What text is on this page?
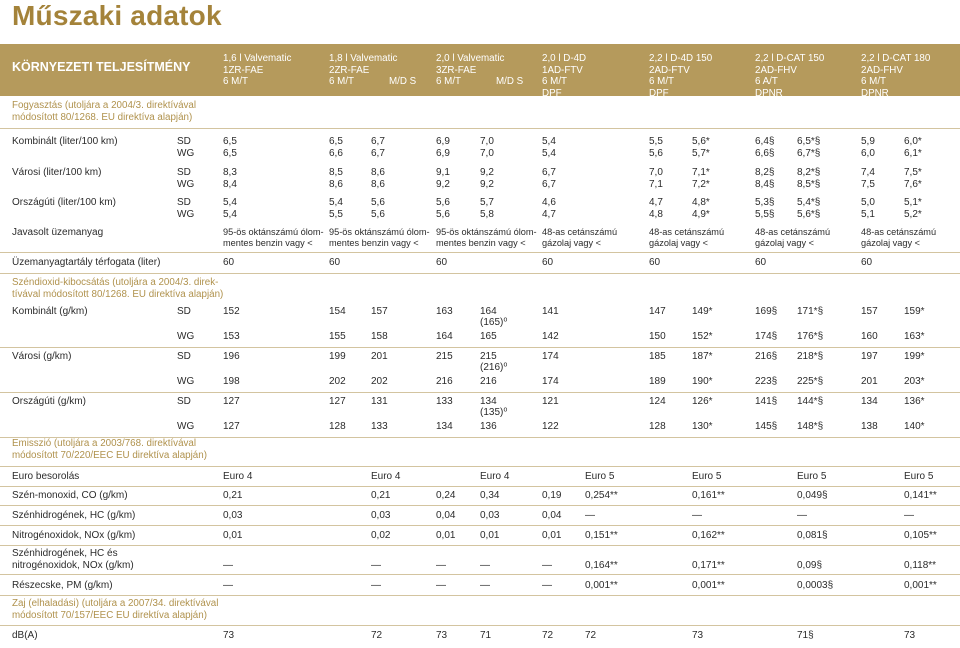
Műszaki adatok
KÖRNYEZETI TELJESÍTMÉNY
1,6 l Valvematic
1ZR-FAE
6 M/T
1,8 l Valvematic
2ZR-FAE
6 M/T	M/D S
2,0 l Valvematic
3ZR-FAE
6 M/T	M/D S
2,0 l D-4D
1AD-FTV
6 M/T
DPF
2,2 l D-4D 150
2AD-FTV
6 M/T
DPF
2,2 l D-CAT 150
2AD-FHV
6 A/T
DPNR
2,2 l D-CAT 180
2AD-FHV
6 M/T
DPNR
Fogyasztás (utoljára a 2004/3. direktívával
módosított 80/1268. EU direktíva alapján)
Kombinált (liter/100 km)	SD
WG
6,5	6,5	6,7	6,9	7,0	5,4	5,5	5,6*	6,4§ 6,5*§	5,9	6,0*
6,5	6,6	6,7	6,9	7,0	5,4	5,6	5,7*	6,6§ 6,7*§	6,0	6,1*
Városi (liter/100 km)	SD
WG
8,3	8,5	8,6	9,1	9,2	6,7	7,0	7,1*	8,2§ 8,2*§	7,4	7,5*
8,4	8,6	8,6	9,2	9,2	6,7	7,1	7,2*	8,4§ 8,5*§	7,5	7,6*
Országúti (liter/100 km)	SD
WG
5,4	5,4	5,6	5,6	5,7	4,6	4,7	4,8*	5,3§ 5,4*§	5,0	5,1*
5,4	5,5	5,6	5,6	5,8	4,7	4,8	4,9*	5,5§ 5,6*§	5,1	5,2*
Javasolt üzemanyag	95-ös oktánszámú ólom-
mentes benzin vagy <
95-ös oktánszámú ólom-
mentes benzin vagy <
95-ös oktánszámú ólom-
mentes benzin vagy <
48-as cetánszámú
gázolaj vagy <
48-as cetánszámú
gázolaj vagy <
48-as cetánszámú
gázolaj vagy <
48-as cetánszámú
gázolaj vagy <
Üzemanyagtartály térfogata (liter)	60	60	60	60	60	60	60
Széndioxid-kibocsátás (utoljára a 2004/3. direk-
tívával módosított 80/1268. EU direktíva alapján)
Kombinált (g/km)	SD	152	154	157	163	164	141	147	149*	169§ 171*§	157	159*
(165)⁰
WG	153	155	158	164	165	142	150	152*	174§ 176*§	160	163*
Városi (g/km)	SD	196	199	201	215	215	174	185	187*	216§ 218*§	197	199*
(216)⁰
WG	198	202	202	216	216	174	189	190*	223§ 225*§	201	203*
Országúti (g/km)	SD	127	127	131	133	134	121	124	126*	141§ 144*§	134	136*
(135)⁰
WG	127	128	133	134	136	122	128	130*	145§ 148*§	138	140*
Emisszió (utoljára a 2003/768. direktívával
módosított 70/220/EEC EU direktíva alapján)
Euro besorolás	Euro 4	Euro 4	Euro 4	Euro 5	Euro 5	Euro 5	Euro 5
Szén-monoxid, CO (g/km)	0,21	0,21	0,24 0,34	0,19 0,254**	0,161**	0,049§	0,141**
Szénhidrogének, HC (g/km)	0,03	0,03	0,04 0,03	0,04 —	—	—	—
Nitrogénoxidok, NOx (g/km)	0,01	0,02	0,01 0,01	0,01 0,151**	0,162**	0,081§	0,105**
Szénhidrogének, HC és
nitrogénoxidok, NOx (g/km)	—	—	—	—	—	0,164**	0,171**	0,09§	0,118**
Részecske, PM (g/km)	—	—	—	—	—	0,001**	0,001**	0,0003§	0,001**
Zaj (elhaladási) (utoljára a 2007/34. direktívával
módosított 70/157/EEC EU direktíva alapján)
dB(A)	73	72	73	71	72	72	73	71§	73
